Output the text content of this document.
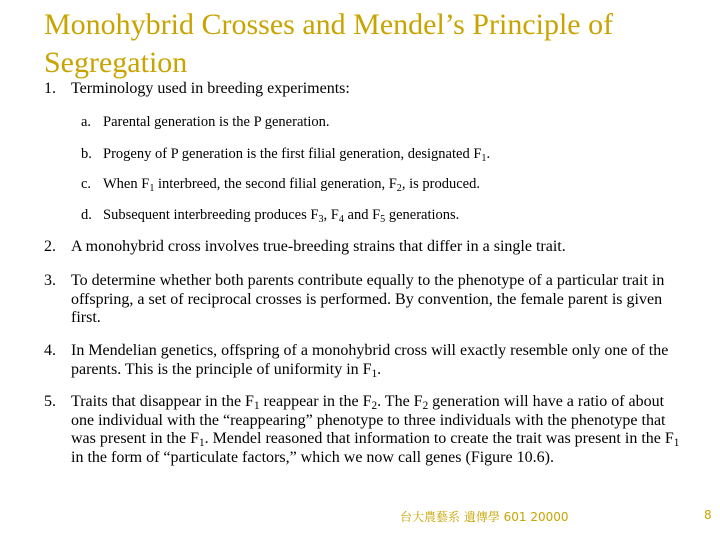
Monohybrid Crosses and Mendel’s Principle of Segregation
1. Terminology used in breeding experiments:
a. Parental generation is the P generation.
b. Progeny of P generation is the first filial generation, designated $F_1$.
c. When $F_1$ interbreed, the second filial generation, $F_2$, is produced.
d. Subsequent interbreeding produces $F_3$, $F_4$ and $F_5$ generations.
2. A monohybrid cross involves true-breeding strains that differ in a single trait.
3. To determine whether both parents contribute equally to the phenotype of a particular trait in offspring, a set of reciprocal crosses is performed. By convention, the female parent is given first.
4. In Mendelian genetics, offspring of a monohybrid cross will exactly resemble only one of the parents. This is the principle of uniformity in $F_1$.
5. Traits that disappear in the $F_1$ reappear in the $F_2$. The $F_2$ generation will have a ratio of about one individual with the “reappearing” phenotype to three individuals with the phenotype that was present in the $F_1$. Mendel reasoned that information to create the trait was present in the $F_1$ in the form of “particulate factors,” which we now call genes (Figure 10.6).
台大農藝系 遺傳學 601 20000	8
